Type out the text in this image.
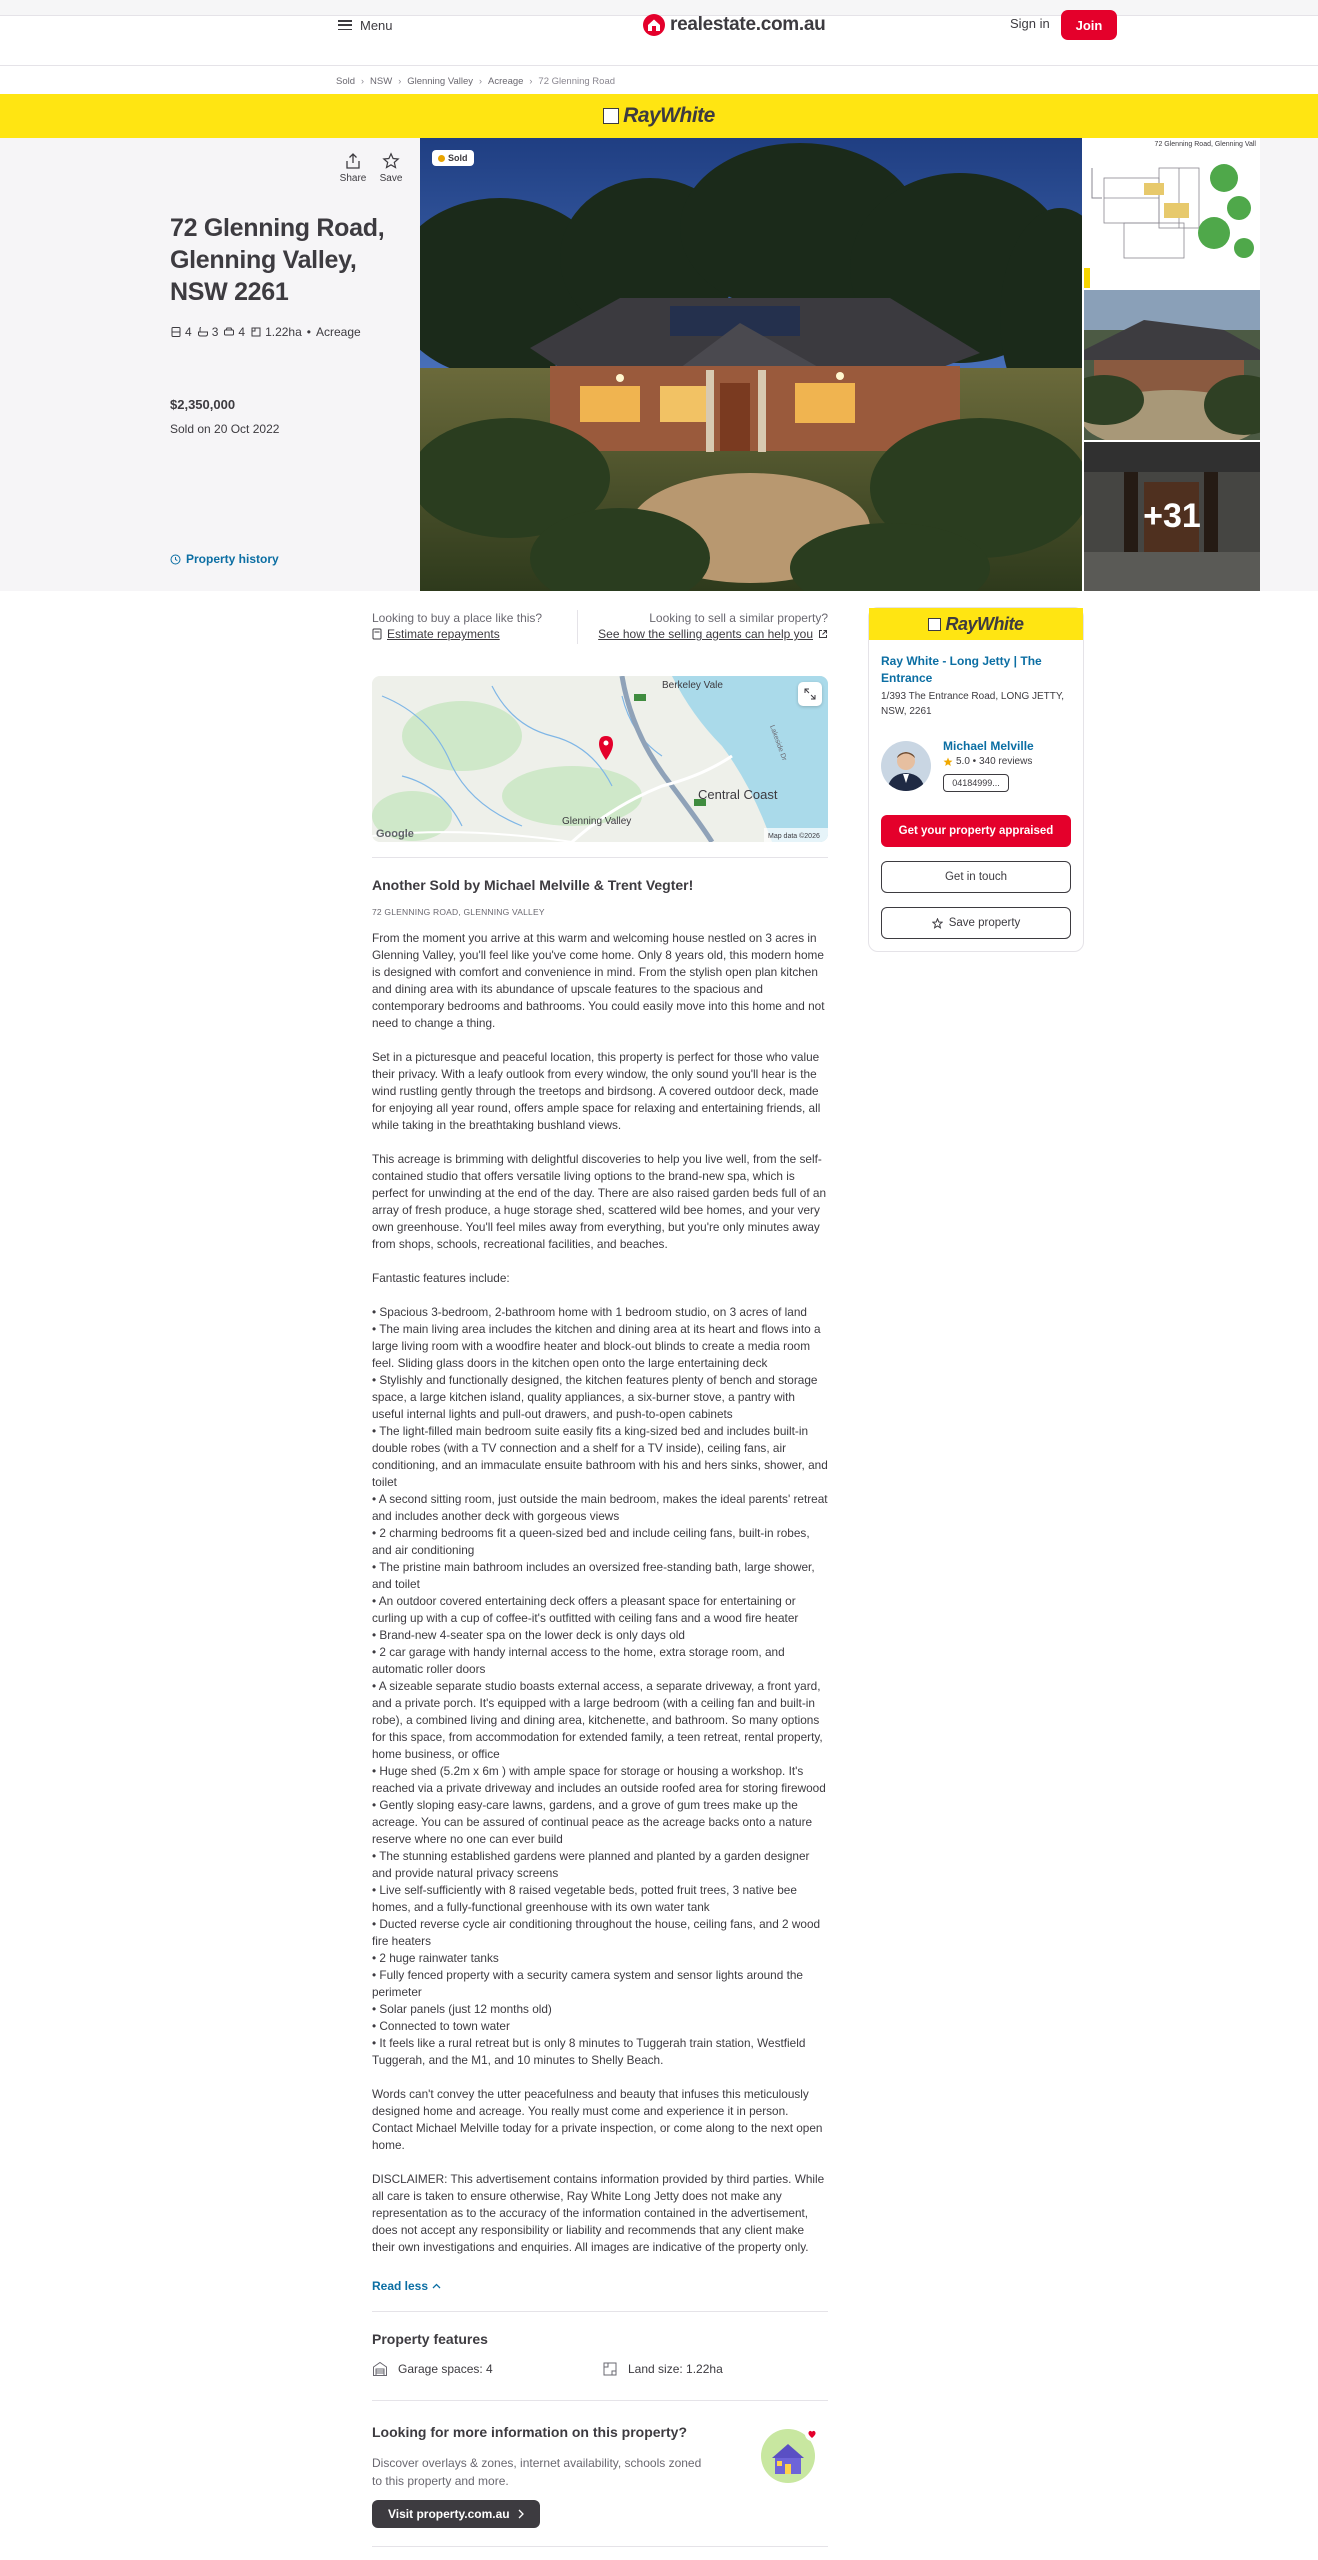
Menu	realestate.com.au	Sign in	Join
Sold › NSW › Glenning Valley › Acreage › 72 Glenning Road
RayWhite
Share	Save
72 Glenning Road, Glenning Valley, NSW 2261
4 3 4 1.22ha • Acreage
$2,350,000
Sold on 20 Oct 2022
Property history
Sold
72 Glenning Road, Glenning Vall
+31
Looking to buy a place like this?
Estimate repayments
Looking to sell a similar property?
See how the selling agents can help you
Berkeley Vale
Central Coast
Glenning Valley
Lakeside Dr
Google	Map data ©2026
Another Sold by Michael Melville & Trent Vegter!
72 GLENNING ROAD, GLENNING VALLEY

From the moment you arrive at this warm and welcoming house nestled on 3 acres in Glenning Valley, you'll feel like you've come home. Only 8 years old, this modern home is designed with comfort and convenience in mind. From the stylish open plan kitchen and dining area with its abundance of upscale features to the spacious and contemporary bedrooms and bathrooms. You could easily move into this home and not need to change a thing.

Set in a picturesque and peaceful location, this property is perfect for those who value their privacy. With a leafy outlook from every window, the only sound you'll hear is the wind rustling gently through the treetops and birdsong. A covered outdoor deck, made for enjoying all year round, offers ample space for relaxing and entertaining friends, all while taking in the breathtaking bushland views.

This acreage is brimming with delightful discoveries to help you live well, from the self-contained studio that offers versatile living options to the brand-new spa, which is perfect for unwinding at the end of the day. There are also raised garden beds full of an array of fresh produce, a huge storage shed, scattered wild bee homes, and your very own greenhouse. You'll feel miles away from everything, but you're only minutes away from shops, schools, recreational facilities, and beaches.

Fantastic features include:

• Spacious 3-bedroom, 2-bathroom home with 1 bedroom studio, on 3 acres of land

• The main living area includes the kitchen and dining area at its heart and flows into a large living room with a woodfire heater and block-out blinds to create a media room feel. Sliding glass doors in the kitchen open onto the large entertaining deck

• Stylishly and functionally designed, the kitchen features plenty of bench and storage space, a large kitchen island, quality appliances, a six-burner stove, a pantry with useful internal lights and pull-out drawers, and push-to-open cabinets

• The light-filled main bedroom suite easily fits a king-sized bed and includes built-in double robes (with a TV connection and a shelf for a TV inside), ceiling fans, air conditioning, and an immaculate ensuite bathroom with his and hers sinks, shower, and toilet

• A second sitting room, just outside the main bedroom, makes the ideal parents' retreat and includes another deck with gorgeous views

• 2 charming bedrooms fit a queen-sized bed and include ceiling fans, built-in robes, and air conditioning

• The pristine main bathroom includes an oversized free-standing bath, large shower, and toilet

• An outdoor covered entertaining deck offers a pleasant space for entertaining or curling up with a cup of coffee-it's outfitted with ceiling fans and a wood fire heater

• Brand-new 4-seater spa on the lower deck is only days old

• 2 car garage with handy internal access to the home, extra storage room, and automatic roller doors

• A sizeable separate studio boasts external access, a separate driveway, a front yard, and a private porch. It's equipped with a large bedroom (with a ceiling fan and built-in robe), a combined living and dining area, kitchenette, and bathroom. So many options for this space, from accommodation for extended family, a teen retreat, rental property, home business, or office

• Huge shed (5.2m x 6m ) with ample space for storage or housing a workshop. It's reached via a private driveway and includes an outside roofed area for storing firewood

• Gently sloping easy-care lawns, gardens, and a grove of gum trees make up the acreage. You can be assured of continual peace as the acreage backs onto a nature reserve where no one can ever build

• The stunning established gardens were planned and planted by a garden designer and provide natural privacy screens

• Live self-sufficiently with 8 raised vegetable beds, potted fruit trees, 3 native bee homes, and a fully-functional greenhouse with its own water tank

• Ducted reverse cycle air conditioning throughout the house, ceiling fans, and 2 wood fire heaters

• 2 huge rainwater tanks

• Fully fenced property with a security camera system and sensor lights around the perimeter

• Solar panels (just 12 months old)

• Connected to town water

• It feels like a rural retreat but is only 8 minutes to Tuggerah train station, Westfield Tuggerah, and the M1, and 10 minutes to Shelly Beach.

Words can't convey the utter peacefulness and beauty that infuses this meticulously designed home and acreage. You really must come and experience it in person. Contact Michael Melville today for a private inspection, or come along to the next open home.

DISCLAIMER: This advertisement contains information provided by third parties. While all care is taken to ensure otherwise, Ray White Long Jetty does not make any representation as to the accuracy of the information contained in the advertisement, does not accept any responsibility or liability and recommends that any client make their own investigations and enquiries. All images are indicative of the property only.

Read less
Property features
Garage spaces: 4	Land size: 1.22ha
Looking for more information on this property?
Discover overlays & zones, internet availability, schools zoned to this property and more.
Visit property.com.au
RayWhite
Ray White - Long Jetty | The Entrance
1/393 The Entrance Road, LONG JETTY, NSW, 2261
Michael Melville
5.0 • 340 reviews
04184999...
Get your property appraised
Get in touch
Save property
